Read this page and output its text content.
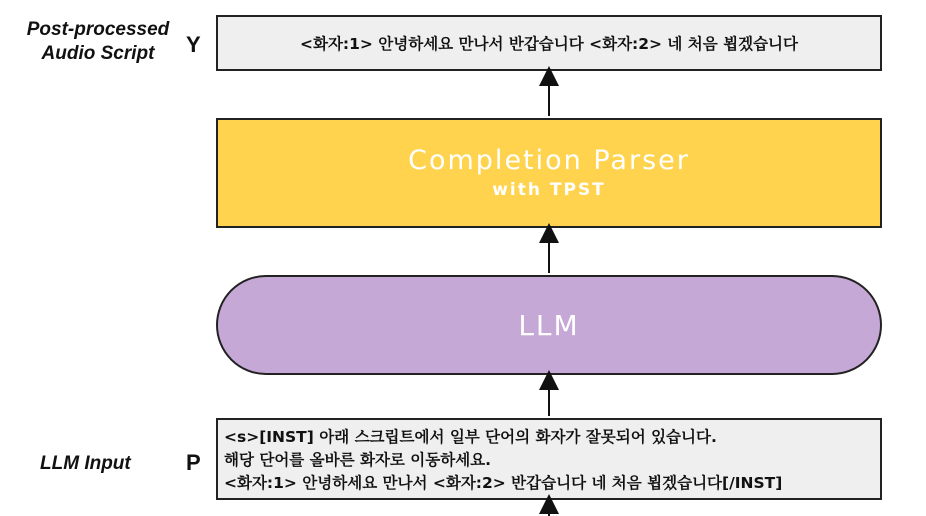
Post-processed
Audio Script	Y
LLM Input	P
<화자:1> 안녕하세요 만나서 반갑습니다 <화자:2> 네 처음 뵙겠습니다
Completion Parser
with TPST
LLM
<s>[INST] 아래 스크립트에서 일부 단어의 화자가 잘못되어 있습니다.
해당 단어를 올바른 화자로 이동하세요.
<화자:1> 안녕하세요 만나서 <화자:2> 반갑습니다 네 처음 뵙겠습니다[/INST]
